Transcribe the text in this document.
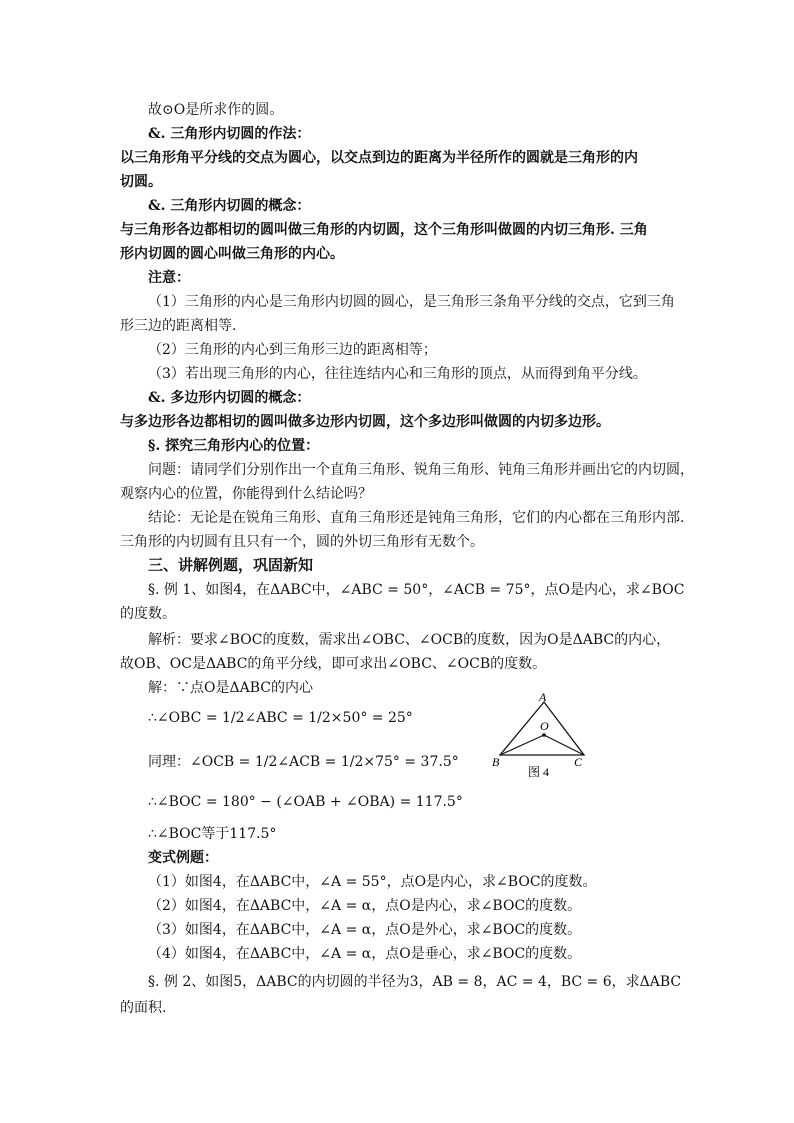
故⊙O是所求作的圆。
&. 三角形内切圆的作法：
以三角形角平分线的交点为圆心，以交点到边的距离为半径所作的圆就是三角形的内
切圆。
&. 三角形内切圆的概念：
与三角形各边都相切的圆叫做三角形的内切圆，这个三角形叫做圆的内切三角形. 三角
形内切圆的圆心叫做三角形的内心。
注意：
（1）三角形的内心是三角形内切圆的圆心，是三角形三条角平分线的交点，它到三角
形三边的距离相等.
（2）三角形的内心到三角形三边的距离相等；
（3）若出现三角形的内心，往往连结内心和三角形的顶点，从而得到角平分线。
&. 多边形内切圆的概念：
与多边形各边都相切的圆叫做多边形内切圆，这个多边形叫做圆的内切多边形。
§. 探究三角形内心的位置：
问题：请同学们分别作出一个直角三角形、锐角三角形、钝角三角形并画出它的内切圆，
观察内心的位置，你能得到什么结论吗？
结论：无论是在锐角三角形、直角三角形还是钝角三角形，它们的内心都在三角形内部.
三角形的内切圆有且只有一个，圆的外切三角形有无数个。
三、讲解例题，巩固新知
§. 例 1、如图4，在ΔABC中，∠ABC = 50°，∠ACB = 75°，点O是内心，求∠BOC
的度数。
解析：要求∠BOC的度数，需求出∠OBC、∠OCB的度数，因为O是ΔABC的内心，
故OB、OC是ΔABC的角平分线，即可求出∠OBC、∠OCB的度数。
解：∵点O是ΔABC的内心
∴∠OBC = 1/2∠ABC = 1/2×50° = 25°
同理：∠OCB = 1/2∠ACB = 1/2×75° = 37.5°
∴∠BOC = 180° − (∠OAB + ∠OBA) = 117.5°
∴∠BOC等于117.5°
变式例题：
（1）如图4，在ΔABC中，∠A = 55°，点O是内心，求∠BOC的度数。
（2）如图4，在ΔABC中，∠A = α，点O是内心，求∠BOC的度数。
（3）如图4，在ΔABC中，∠A = α，点O是外心，求∠BOC的度数。
（4）如图4，在ΔABC中，∠A = α，点O是垂心，求∠BOC的度数。
§. 例 2、如图5，ΔABC的内切圆的半径为3，AB = 8，AC = 4，BC = 6，求ΔABC
的面积.
A
O
B	C
图 4
